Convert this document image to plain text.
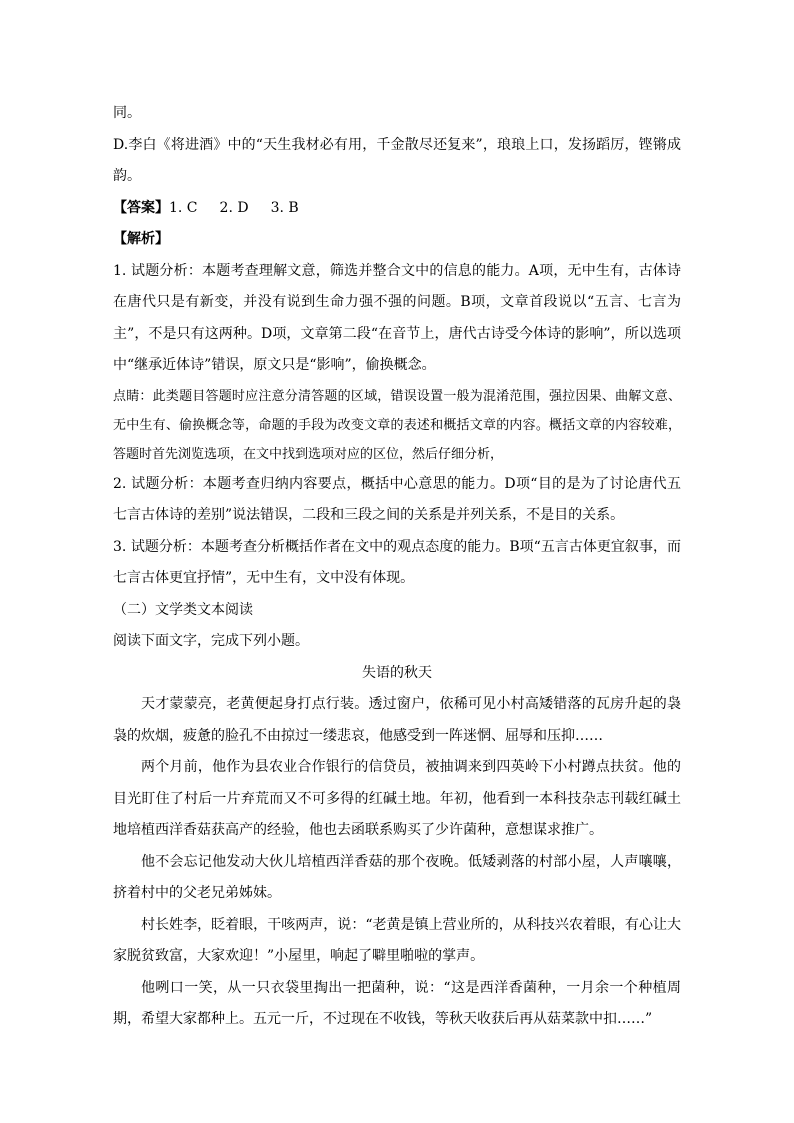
同。

D.李白《将进酒》中的“天生我材必有用，千金散尽还复来”，琅琅上口，发扬蹈厉，铿锵成韵。

【答案】1. C 2. D 3. B

【解析】

1. 试题分析：本题考查理解文意，筛选并整合文中的信息的能力。A项，无中生有，古体诗在唐代只是有新变，并没有说到生命力强不强的问题。B项，文章首段说以“五言、七言为主”，不是只有这两种。D项，文章第二段“在音节上，唐代古诗受今体诗的影响”，所以选项中“继承近体诗”错误，原文只是“影响”，偷换概念。

点睛：此类题目答题时应注意分清答题的区域，错误设置一般为混淆范围，强拉因果、曲解文意、无中生有、偷换概念等，命题的手段为改变文章的表述和概括文章的内容。概括文章的内容较难，答题时首先浏览选项，在文中找到选项对应的区位，然后仔细分析，

2. 试题分析：本题考查归纳内容要点，概括中心意思的能力。D项“目的是为了讨论唐代五七言古体诗的差别”说法错误，二段和三段之间的关系是并列关系，不是目的关系。

3. 试题分析：本题考查分析概括作者在文中的观点态度的能力。B项“五言古体更宜叙事，而七言古体更宜抒情”，无中生有，文中没有体现。

（二）文学类文本阅读

阅读下面文字，完成下列小题。

失语的秋天

天才蒙蒙亮，老黄便起身打点行装。透过窗户，依稀可见小村高矮错落的瓦房升起的袅袅的炊烟，疲惫的脸孔不由掠过一缕悲哀，他感受到一阵迷惘、屈辱和压抑……

两个月前，他作为县农业合作银行的信贷员，被抽调来到四英岭下小村蹲点扶贫。他的目光盯住了村后一片弃荒而又不可多得的红碱土地。年初，他看到一本科技杂志刊载红碱土地培植西洋香菇获高产的经验，他也去函联系购买了少许菌种，意想谋求推广。

他不会忘记他发动大伙儿培植西洋香菇的那个夜晚。低矮剥落的村部小屋，人声嚷嚷，挤着村中的父老兄弟姊妹。

村长姓李，眨着眼，干咳两声，说：“老黄是镇上营业所的，从科技兴农着眼，有心让大家脱贫致富，大家欢迎！”小屋里，响起了噼里啪啦的掌声。

他咧口一笑，从一只衣袋里掏出一把菌种，说：“这是西洋香菌种，一月余一个种植周期，希望大家都种上。五元一斤，不过现在不收钱，等秋天收获后再从菇菜款中扣……”
